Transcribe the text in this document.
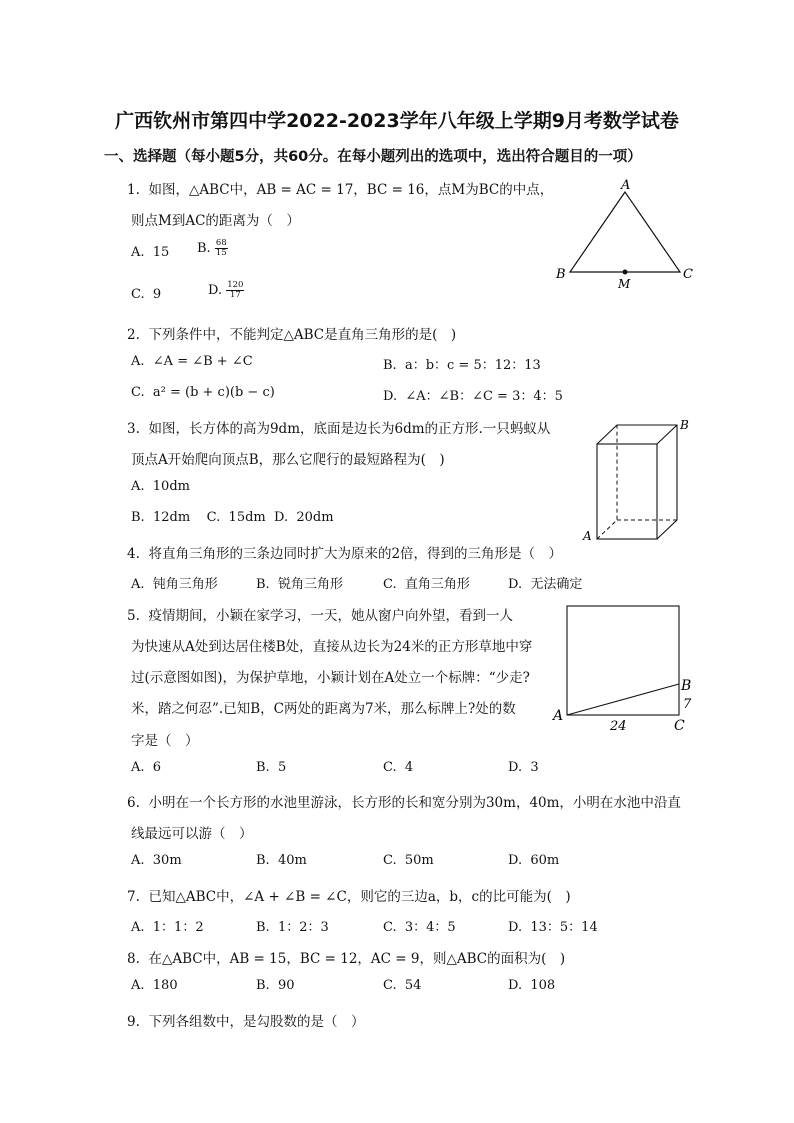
广西钦州市第四中学2022-2023学年八年级上学期9月考数学试卷
一、选择题（每小题5分，共60分。在每小题列出的选项中，选出符合题目的一项）
1.  如图，△ABC中，AB = AC = 17，BC = 16，点M为BC的中点，
则点M到AC的距离为（　）
A.  15 B. $\frac{68}{15}$
C.  9	D. $\frac{120}{17}$
A
B	C
M
2.  下列条件中，不能判定△ABC是直角三角形的是(　)
A.  ∠A = ∠B + ∠C	B.  a：b：c = 5：12：13
C.  a² = (b + c)(b − c)	D.  ∠A：∠B：∠C = 3：4：5
3.  如图，长方体的高为9dm，底面是边长为6dm的正方形.一只蚂蚁从
顶点A开始爬向顶点B，那么它爬行的最短路程为(　)
A.  10dm
B.  12dm    C.  15dm  D.  20dm
B
A
4.  将直角三角形的三条边同时扩大为原来的2倍，得到的三角形是（　）
A.  钝角三角形	B.  锐角三角形	C.  直角三角形	D.  无法确定
5.  疫情期间，小颖在家学习，一天，她从窗户向外望，看到一人
为快速从A处到达居住楼B处，直接从边长为24米的正方形草地中穿
过(示意图如图)，为保护草地，小颖计划在A处立一个标牌：“少走?
米，踏之何忍”.已知B，C两处的距离为7米，那么标牌上?处的数
字是（　）
A.  6	B.  5	C.  4	D.  3
A
B
7
24	C
6.  小明在一个长方形的水池里游泳，长方形的长和宽分别为30m，40m，小明在水池中沿直
线最远可以游（　）
A.  30m	B.  40m	C.  50m	D.  60m
7.  已知△ABC中，∠A + ∠B = ∠C，则它的三边a，b，c的比可能为(　)
A.  1：1：2	B.  1：2：3	C.  3：4：5	D.  13：5：14
8.  在△ABC中，AB = 15，BC = 12，AC = 9，则△ABC的面积为(　)
A.  180	B.  90	C.  54	D.  108
9.  下列各组数中，是勾股数的是（　）
